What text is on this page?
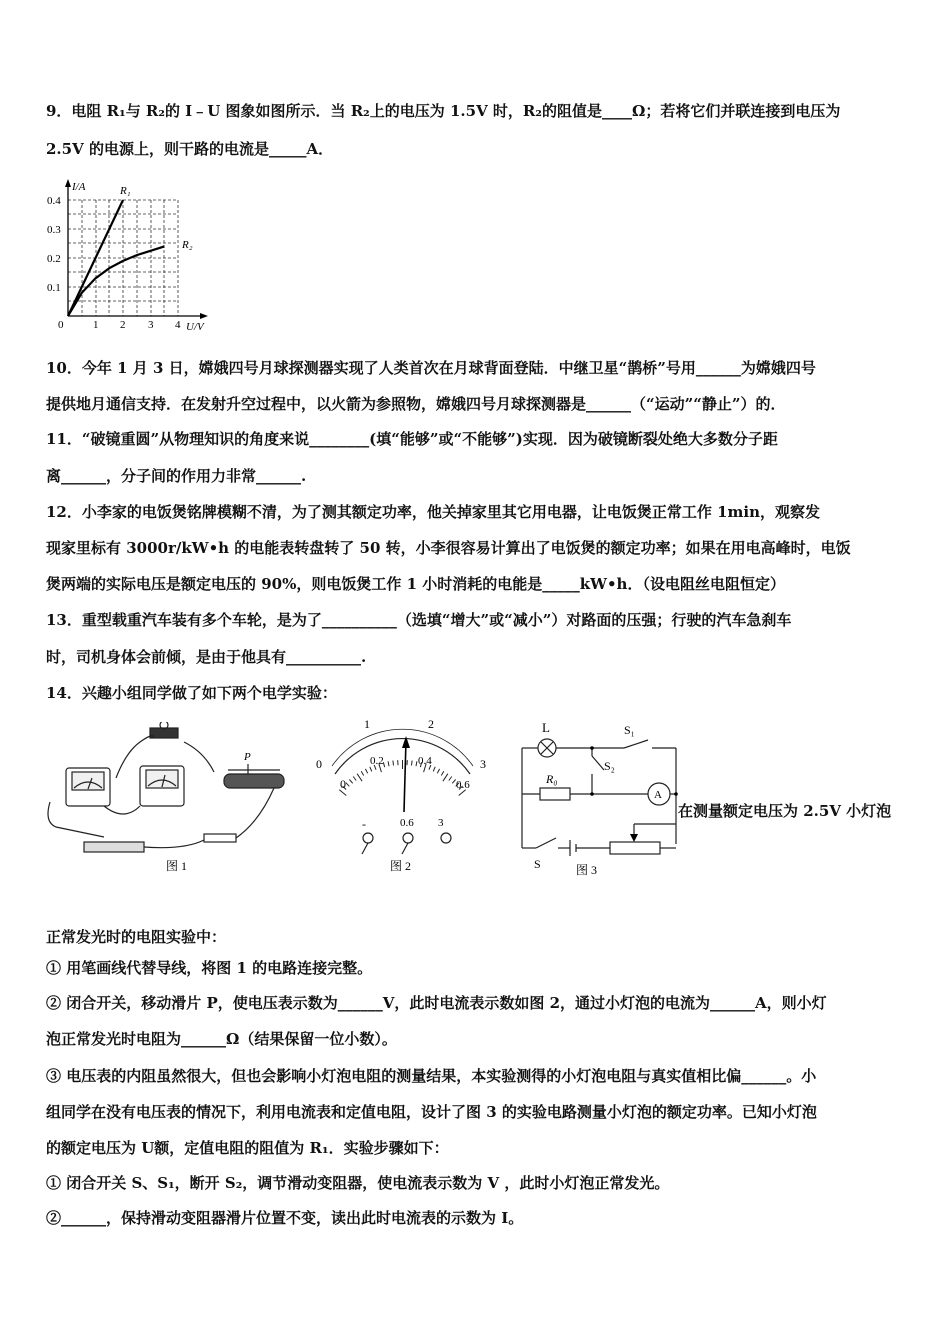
9．电阻 R₁与 R₂的 I﹣U 图象如图所示．当 R₂上的电压为 1.5V 时，R₂的阻值是____Ω；若将它们并联连接到电压为
2.5V 的电源上，则干路的电流是_____A．
I/A
U/V
0	1 2 3 4
0.1
0.2
0.3
0.4
R₁
R₂
10．今年 1 月 3 日，嫦娥四号月球探测器实现了人类首次在月球背面登陆．中继卫星“鹊桥”号用______为嫦娥四号
提供地月通信支持．在发射升空过程中，以火箭为参照物，嫦娥四号月球探测器是______（“运动”“静止”）的．
11．“破镜重圆”从物理知识的角度来说________(填“能够”或“不能够”)实现．因为破镜断裂处绝大多数分子距
离______，分子间的作用力非常______.
12．小李家的电饭煲铭牌模糊不清，为了测其额定功率，他关掉家里其它用电器，让电饭煲正常工作 1min，观察发
现家里标有 3000r/kW•h 的电能表转盘转了 50 转，小李很容易计算出了电饭煲的额定功率；如果在用电高峰时，电饭
煲两端的实际电压是额定电压的 90%，则电饭煲工作 1 小时消耗的电能是_____kW•h．（设电阻丝电阻恒定）
13．重型载重汽车装有多个车轮，是为了__________（选填“增大”或“减小”）对路面的压强；行驶的汽车急刹车
时，司机身体会前倾，是由于他具有__________.
14．兴趣小组同学做了如下两个电学实验：
P
图 1
0
1	2
3
0
0.2	0.4
0.6
-	0.6 3
图 2
L	S₁
S₂
R₀
A
S	图 3
在测量额定电压为 2.5V 小灯泡
正常发光时的电阻实验中：
① 用笔画线代替导线，将图 1 的电路连接完整。
② 闭合开关，移动滑片 P，使电压表示数为______V，此时电流表示数如图 2，通过小灯泡的电流为______A，则小灯
泡正常发光时电阻为______Ω（结果保留一位小数）。
③ 电压表的内阻虽然很大，但也会影响小灯泡电阻的测量结果，本实验测得的小灯泡电阻与真实值相比偏______。小
组同学在没有电压表的情况下，利用电流表和定值电阻，设计了图 3 的实验电路测量小灯泡的额定功率。已知小灯泡
的额定电压为 U额，定值电阻的阻值为 R₁．实验步骤如下：
① 闭合开关 S、S₁，断开 S₂，调节滑动变阻器，使电流表示数为 V ，此时小灯泡正常发光。
②______，保持滑动变阻器滑片位置不变，读出此时电流表的示数为 I。
